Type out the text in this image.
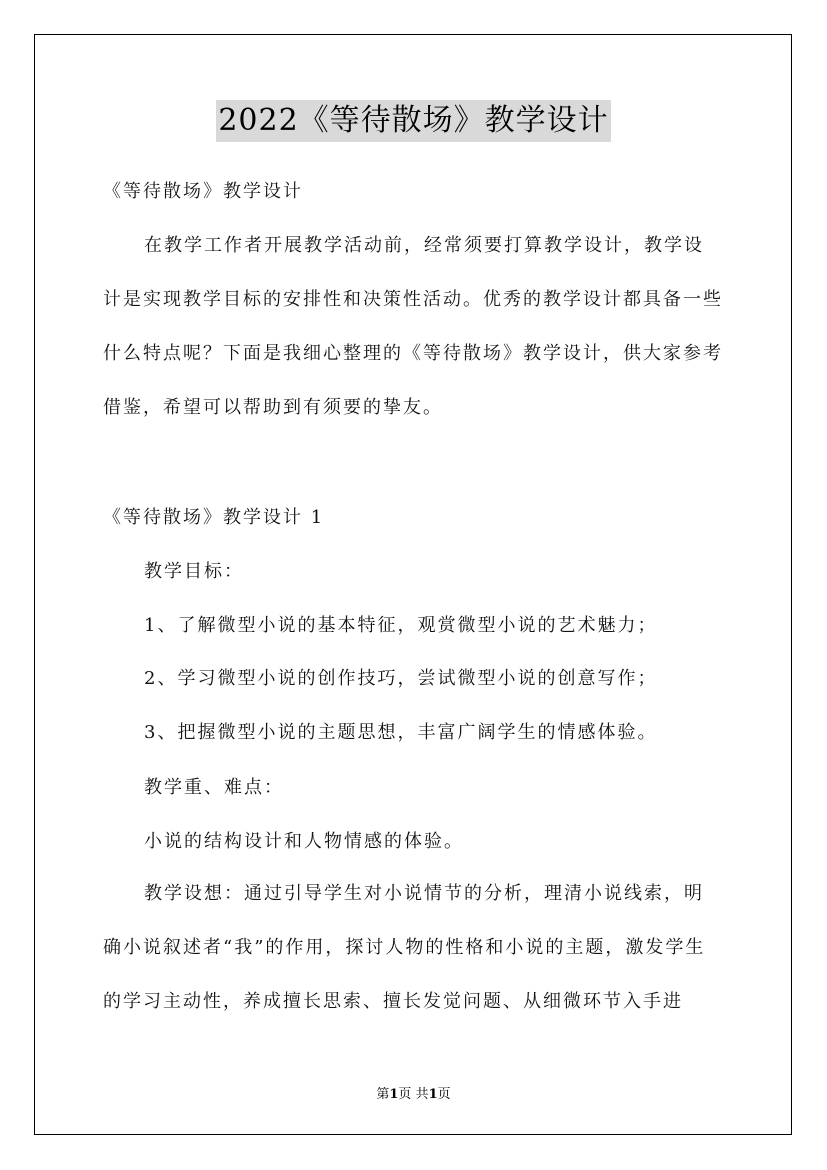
2022《等待散场》教学设计
《等待散场》教学设计

在教学工作者开展教学活动前，经常须要打算教学设计，教学设计是实现教学目标的安排性和决策性活动。优秀的教学设计都具备一些什么特点呢？下面是我细心整理的《等待散场》教学设计，供大家参考借鉴，希望可以帮助到有须要的挚友。

《等待散场》教学设计 1
教学目标：
1、了解微型小说的基本特征，观赏微型小说的艺术魅力；
2、学习微型小说的创作技巧，尝试微型小说的创意写作；
3、把握微型小说的主题思想，丰富广阔学生的情感体验。
教学重、难点：
小说的结构设计和人物情感的体验。

教学设想：通过引导学生对小说情节的分析，理清小说线索，明确小说叙述者“我”的作用，探讨人物的性格和小说的主题，激发学生的学习主动性，养成擅长思索、擅长发觉问题、从细微环节入手进

第1页 共1页
